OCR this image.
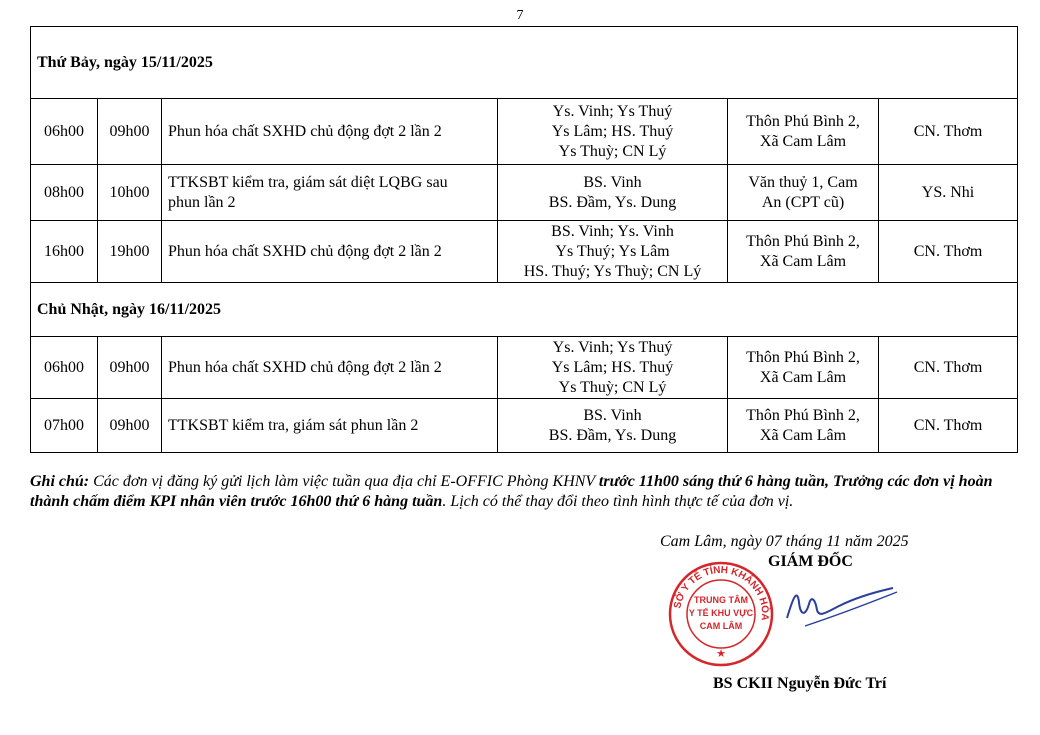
7
Thứ Bảy, ngày 15/11/2025					
06h00	09h00	Phun hóa chất SXHD chủ động đợt 2 lần 2	Ys. Vinh; Ys Thuý
Ys Lâm; HS. Thuý
Ys Thuỳ; CN Lý	Thôn Phú Bình 2,
Xã Cam Lâm	CN. Thơm
08h00	10h00	TTKSBT kiểm tra, giám sát diệt LQBG sau
phun lần 2	BS. Vinh
BS. Đầm, Ys. Dung	Văn thuỷ 1, Cam
An (CPT cũ)	YS. Nhi
16h00	19h00	Phun hóa chất SXHD chủ động đợt 2 lần 2	BS. Vinh; Ys. Vinh
Ys Thuý; Ys Lâm
HS. Thuý; Ys Thuỳ; CN Lý	Thôn Phú Bình 2,
Xã Cam Lâm	CN. Thơm
Chủ Nhật, ngày 16/11/2025					
06h00	09h00	Phun hóa chất SXHD chủ động đợt 2 lần 2	Ys. Vinh; Ys Thuý
Ys Lâm; HS. Thuý
Ys Thuỳ; CN Lý	Thôn Phú Bình 2,
Xã Cam Lâm	CN. Thơm
07h00	09h00	TTKSBT kiểm tra, giám sát phun lần 2	BS. Vinh
BS. Đầm, Ys. Dung	Thôn Phú Bình 2,
Xã Cam Lâm	CN. Thơm
Ghi chú: Các đơn vị đăng ký gửi lịch làm việc tuần qua địa chỉ E-OFFIC Phòng KHNV trước 11h00 sáng thứ 6 hàng tuần, Trưởng các đơn vị hoàn thành chấm điểm KPI nhân viên trước 16h00 thứ 6 hàng tuần. Lịch có thể thay đổi theo tình hình thực tế của đơn vị.
Cam Lâm, ngày 07 tháng 11 năm 2025
GIÁM ĐỐC
SỞ Y TẾ TỈNH KHÁNH HÒA
TRUNG TÂM
Y TẾ KHU VỰC
CAM LÂM
★
BS CKII Nguyễn Đức Trí
